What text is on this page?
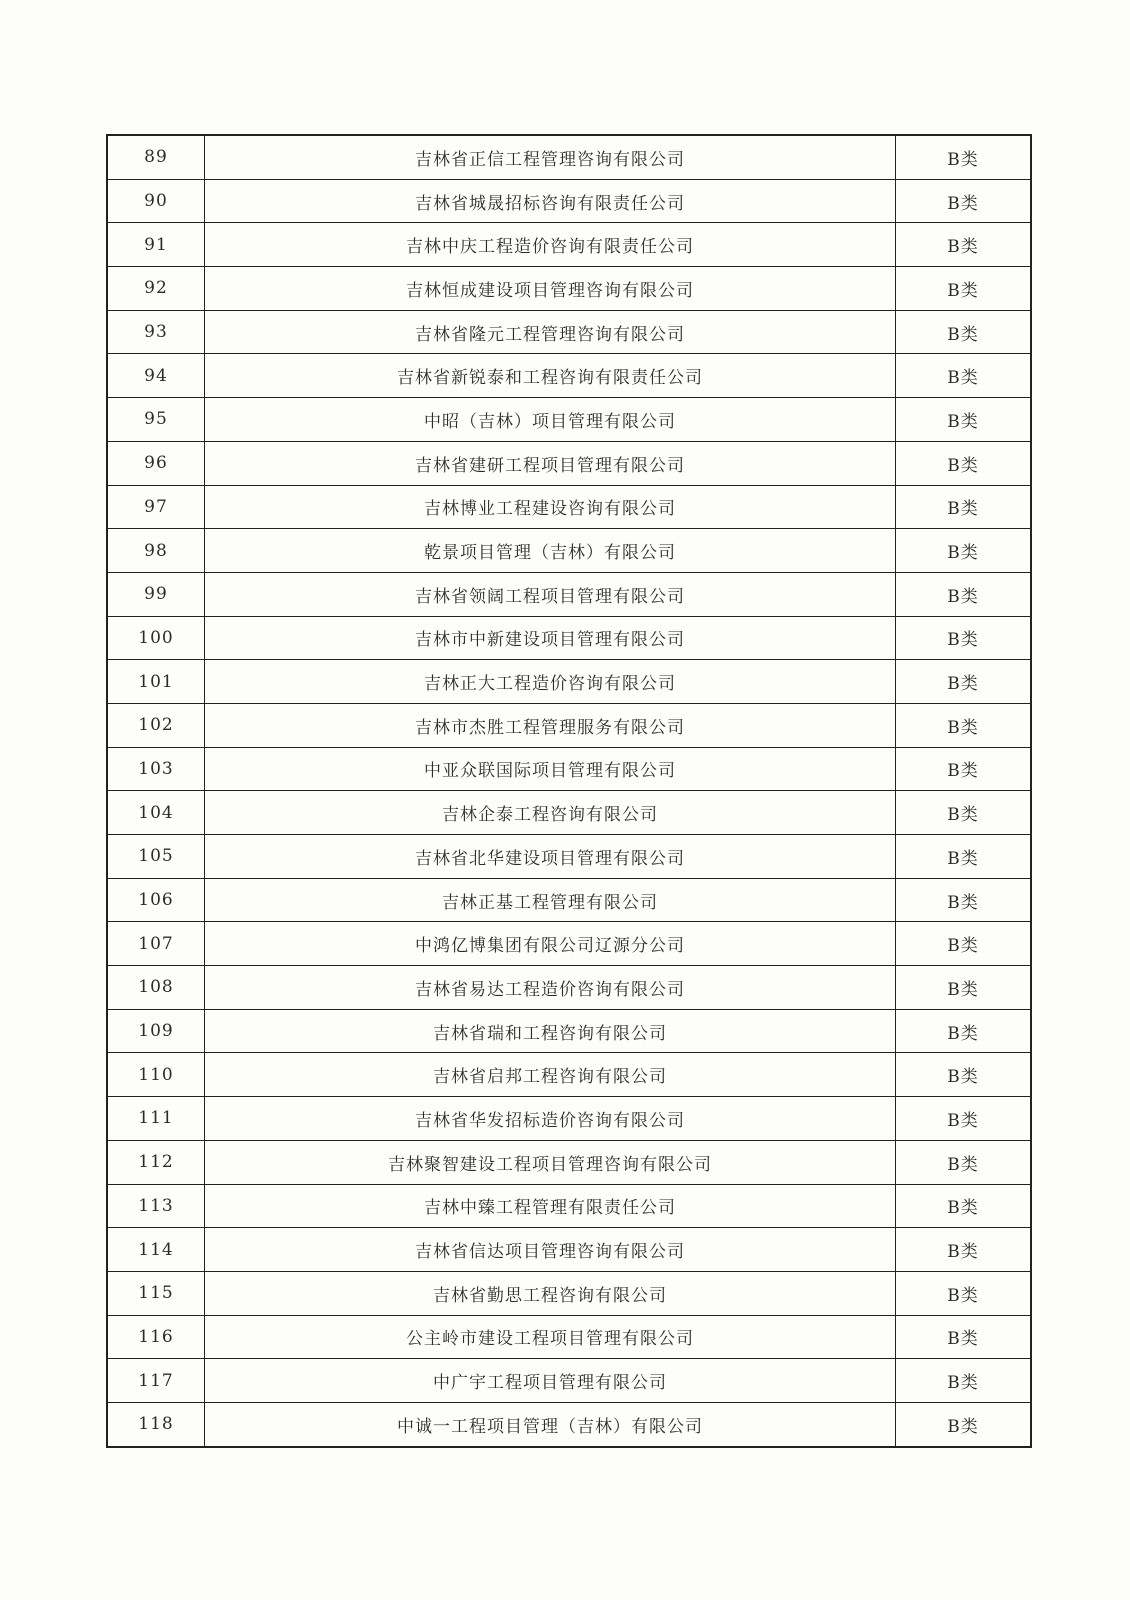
89	吉林省正信工程管理咨询有限公司	B类
90	吉林省城晟招标咨询有限责任公司	B类
91	吉林中庆工程造价咨询有限责任公司	B类
92	吉林恒成建设项目管理咨询有限公司	B类
93	吉林省隆元工程管理咨询有限公司	B类
94	吉林省新锐泰和工程咨询有限责任公司	B类
95	中昭（吉林）项目管理有限公司	B类
96	吉林省建研工程项目管理有限公司	B类
97	吉林博业工程建设咨询有限公司	B类
98	乾景项目管理（吉林）有限公司	B类
99	吉林省领阔工程项目管理有限公司	B类
100	吉林市中新建设项目管理有限公司	B类
101	吉林正大工程造价咨询有限公司	B类
102	吉林市杰胜工程管理服务有限公司	B类
103	中亚众联国际项目管理有限公司	B类
104	吉林企泰工程咨询有限公司	B类
105	吉林省北华建设项目管理有限公司	B类
106	吉林正基工程管理有限公司	B类
107	中鸿亿博集团有限公司辽源分公司	B类
108	吉林省易达工程造价咨询有限公司	B类
109	吉林省瑞和工程咨询有限公司	B类
110	吉林省启邦工程咨询有限公司	B类
111	吉林省华发招标造价咨询有限公司	B类
112	吉林聚智建设工程项目管理咨询有限公司	B类
113	吉林中臻工程管理有限责任公司	B类
114	吉林省信达项目管理咨询有限公司	B类
115	吉林省勤思工程咨询有限公司	B类
116	公主岭市建设工程项目管理有限公司	B类
117	中广宇工程项目管理有限公司	B类
118	中诚一工程项目管理（吉林）有限公司	B类
